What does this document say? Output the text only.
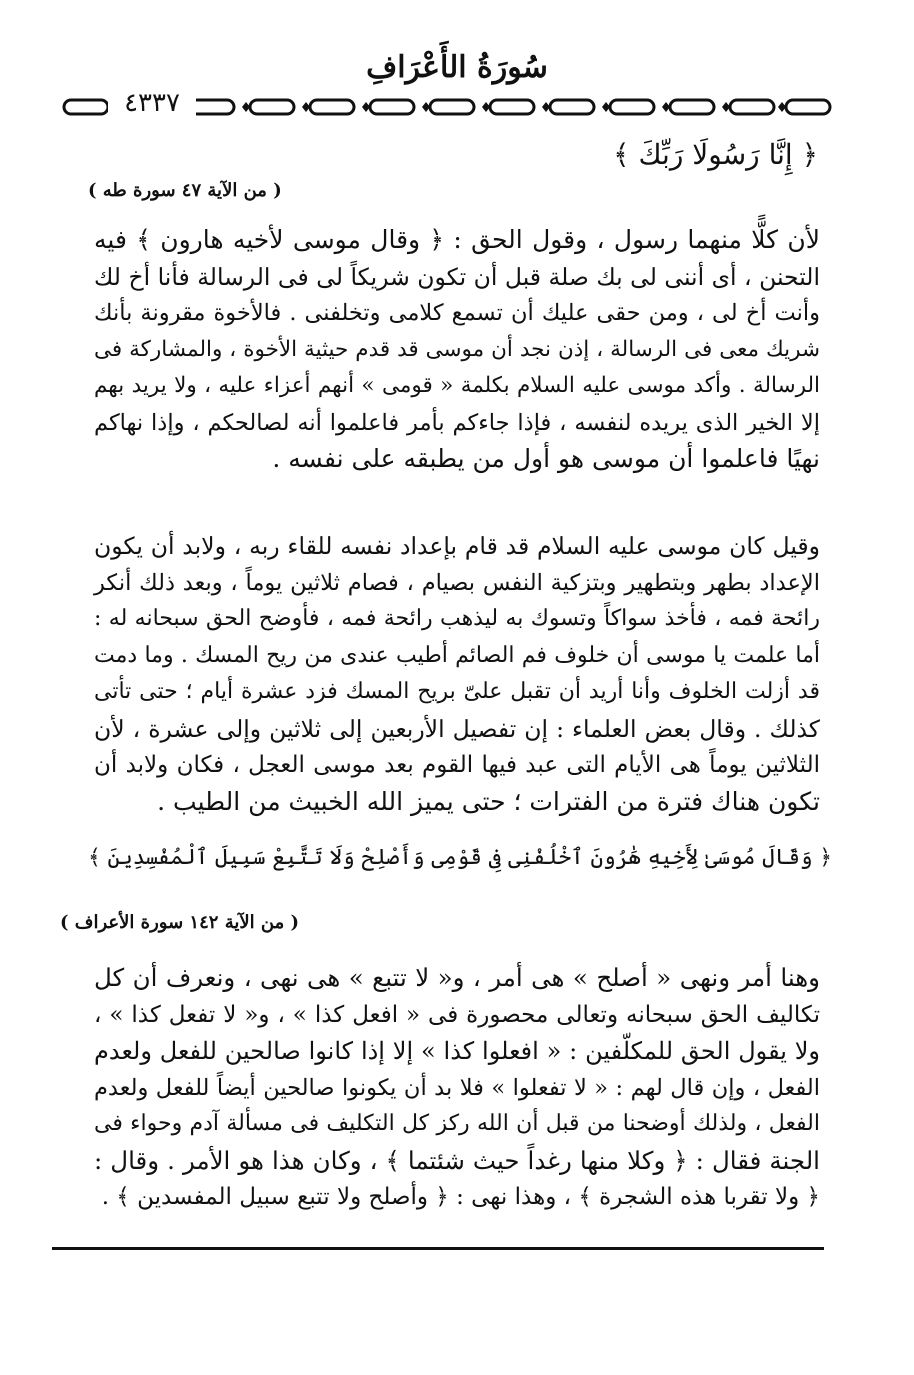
سُورَةُ الأَعْرَافِ
٤٣٣٧
﴿ إِنَّا رَسُولَا رَبِّكَ ﴾
( من الآية ٤٧ سورة طه )
لأن كلًّا منهما رسول ، وقول الحق : ﴿ وقال موسى لأخيه هارون ﴾ فيه
التحنن ، أى أننى لى بك صلة قبل أن تكون شريكاً لى فى الرسالة فأنا أخ لك
وأنت أخ لى ، ومن حقى عليك أن تسمع كلامى وتخلفنى . فالأخوة مقرونة بأنك
شريك معى فى الرسالة ، إذن نجد أن موسى قد قدم حيثية الأخوة ، والمشاركة فى
الرسالة . وأكد موسى عليه السلام بكلمة « قومى » أنهم أعزاء عليه ، ولا يريد بهم
إلا الخير الذى يريده لنفسه ، فإذا جاءكم بأمر فاعلموا أنه لصالحكم ، وإذا نهاكم
نهيًا فاعلموا أن موسى هو أول من يطبقه على نفسه .
وقيل كان موسى عليه السلام قد قام بإعداد نفسه للقاء ربه ، ولابد أن يكون
الإعداد بطهر وبتطهير وبتزكية النفس بصيام ، فصام ثلاثين يوماً ، وبعد ذلك أنكر
رائحة فمه ، فأخذ سواكاً وتسوك به ليذهب رائحة فمه ، فأوضح الحق سبحانه له :
أما علمت يا موسى أن خلوف فم الصائم أطيب عندى من ريح المسك . وما دمت
قد أزلت الخلوف وأنا أريد أن تقبل علىّ بريح المسك فزد عشرة أيام ؛ حتى تأتى
كذلك . وقال بعض العلماء : إن تفصيل الأربعين إلى ثلاثين وإلى عشرة ، لأن
الثلاثين يوماً هى الأيام التى عبد فيها القوم بعد موسى العجل ، فكان ولابد أن
تكون هناك فترة من الفترات ؛ حتى يميز الله الخبيث من الطيب .
﴿ وَقَالَ مُوسَىٰ لِأَخِيهِ هَٰرُونَ ٱخْلُفْنِى فِى قَوْمِى وَأَصْلِحْ وَلَا تَتَّبِعْ سَبِيلَ ٱلْمُفْسِدِينَ ﴾
( من الآية ١٤٢ سورة الأعراف )
وهنا أمر ونهى « أصلح » هى أمر ، و« لا تتبع » هى نهى ، ونعرف أن كل
تكاليف الحق سبحانه وتعالى محصورة فى « افعل كذا » ، و« لا تفعل كذا » ،
ولا يقول الحق للمكلّفين : « افعلوا كذا » إلا إذا كانوا صالحين للفعل ولعدم
الفعل ، وإن قال لهم : « لا تفعلوا » فلا بد أن يكونوا صالحين أيضاً للفعل ولعدم
الفعل ، ولذلك أوضحنا من قبل أن الله ركز كل التكليف فى مسألة آدم وحواء فى
الجنة فقال : ﴿ وكلا منها رغداً حيث شئتما ﴾ ، وكان هذا هو الأمر . وقال :
﴿ ولا تقربا هذه الشجرة ﴾ ، وهذا نهى : ﴿ وأصلح ولا تتبع سبيل المفسدين ﴾ .
